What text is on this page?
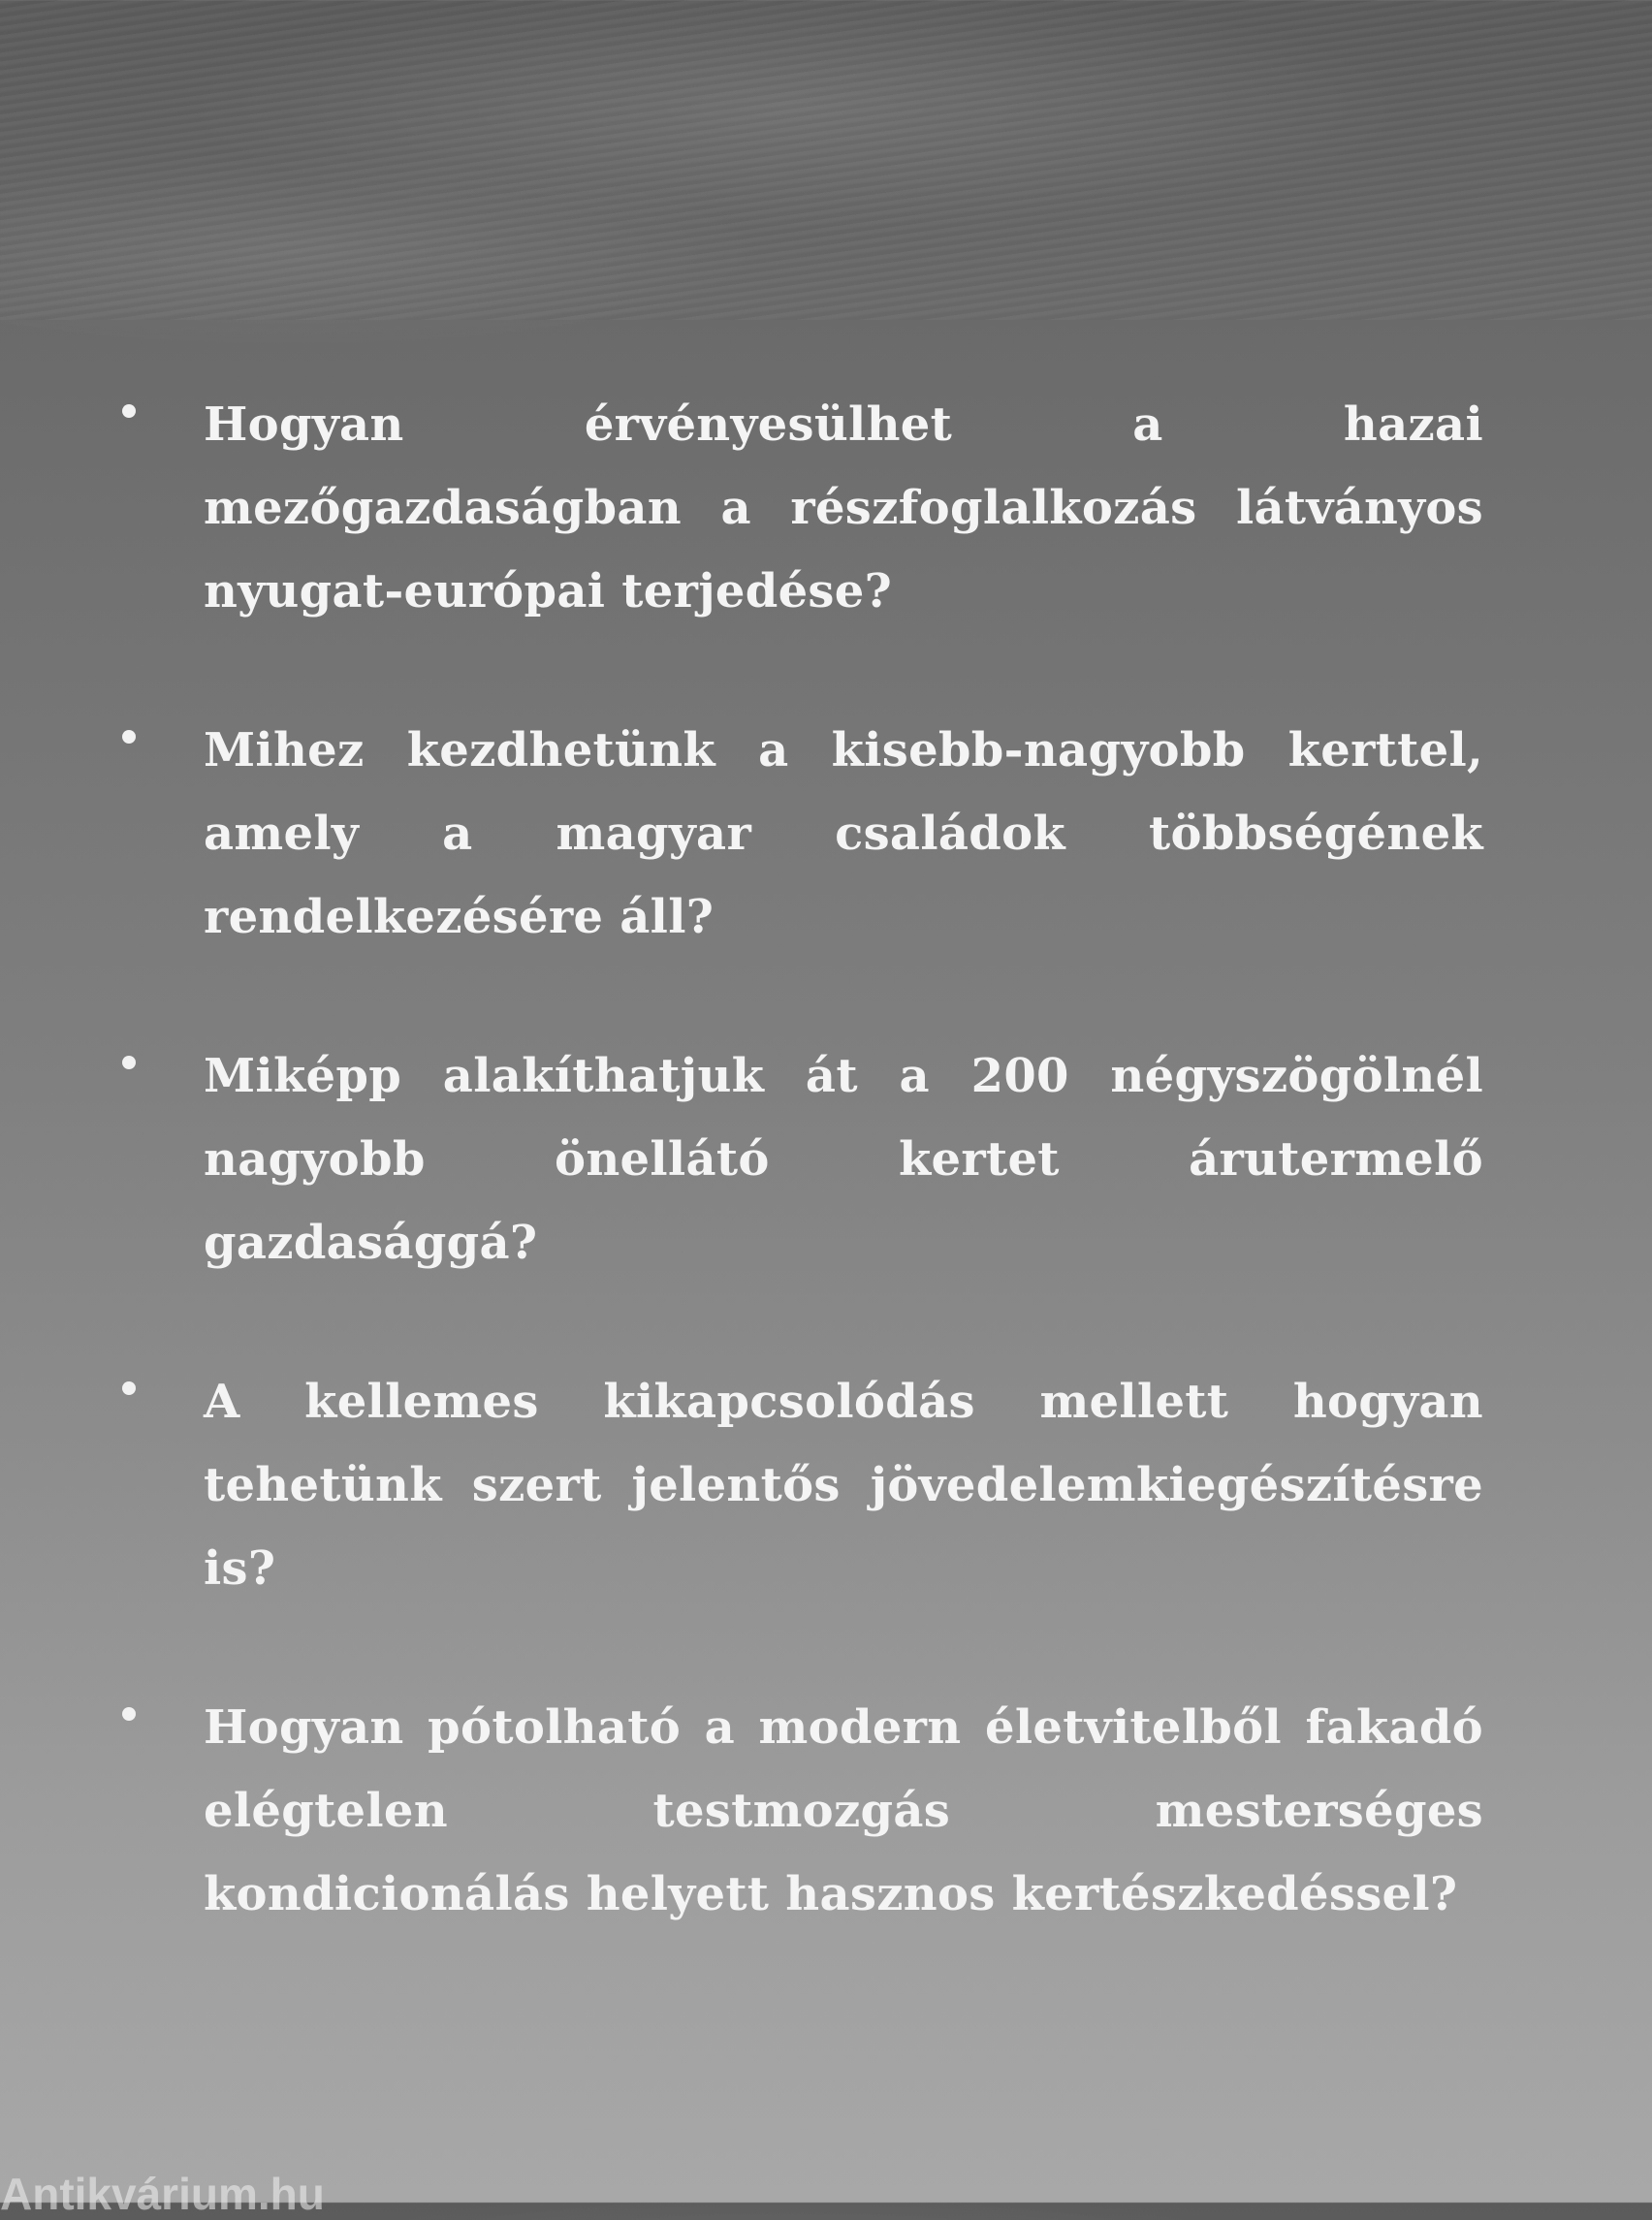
Hogyan érvényesülhet a hazai mezőgazdaságban a részfoglalkozás látványos nyugat-európai terjedése?
Mihez kezdhetünk a kisebb-nagyobb kerttel, amely a magyar családok többségének rendelkezésére áll?
Miképp alakíthatjuk át a 200 négyszögölnél nagyobb önellátó kertet árutermelő gazdasággá?
A kellemes kikapcsolódás mellett hogyan tehetünk szert jelentős jövedelemkiegészítésre is?
Hogyan pótolható a modern életvitelből fakadó elégtelen testmozgás mesterséges kondicionálás helyett hasznos kertészkedéssel?
Antikvárium.hu
